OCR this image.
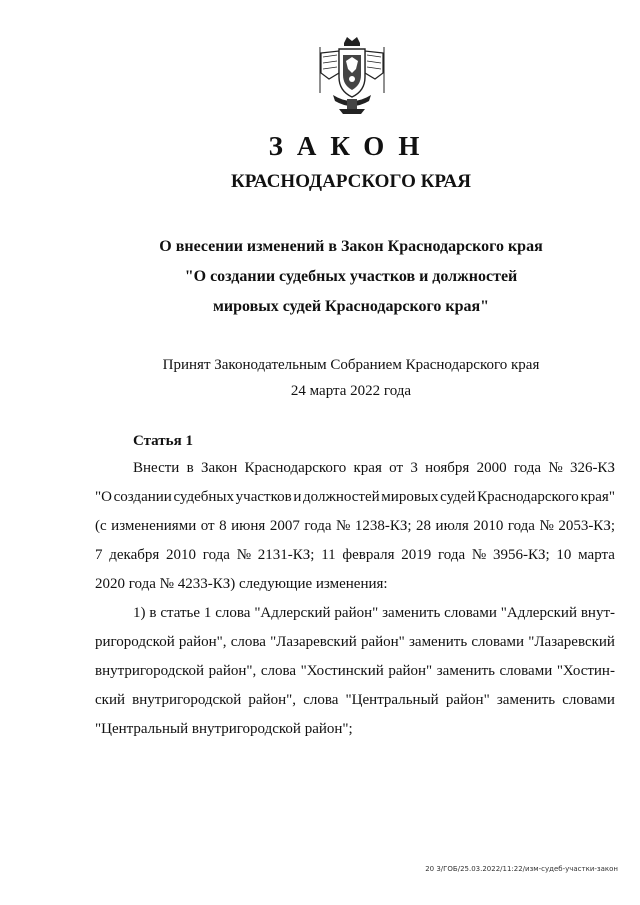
ЗАКОН
КРАСНОДАРСКОГО КРАЯ
О внесении изменений в Закон Краснодарского края
"О создании судебных участков и должностей
мировых судей Краснодарского края"
Принят Законодательным Собранием Краснодарского края
24 марта 2022 года
Статья 1
Внести в Закон Краснодарского края от 3 ноября 2000 года № 326-КЗ
"О создании судебных участков и должностей мировых судей Краснодарского края"
(с изменениями от 8 июня 2007 года № 1238-КЗ; 28 июля 2010 года № 2053-КЗ;
7 декабря 2010 года № 2131-КЗ; 11 февраля 2019 года № 3956-КЗ; 10 марта
2020 года № 4233-КЗ) следующие изменения:
1) в статье 1 слова "Адлерский район" заменить словами "Адлерский внут-
ригородской район", слова "Лазаревский район" заменить словами "Лазаревский
внутригородской район", слова "Хостинский район" заменить словами "Хостин-
ский внутригородской район", слова "Центральный район" заменить словами
"Центральный внутригородской район";
20 3/ГОБ/25.03.2022/11:22/изм-судеб-участки-закон
